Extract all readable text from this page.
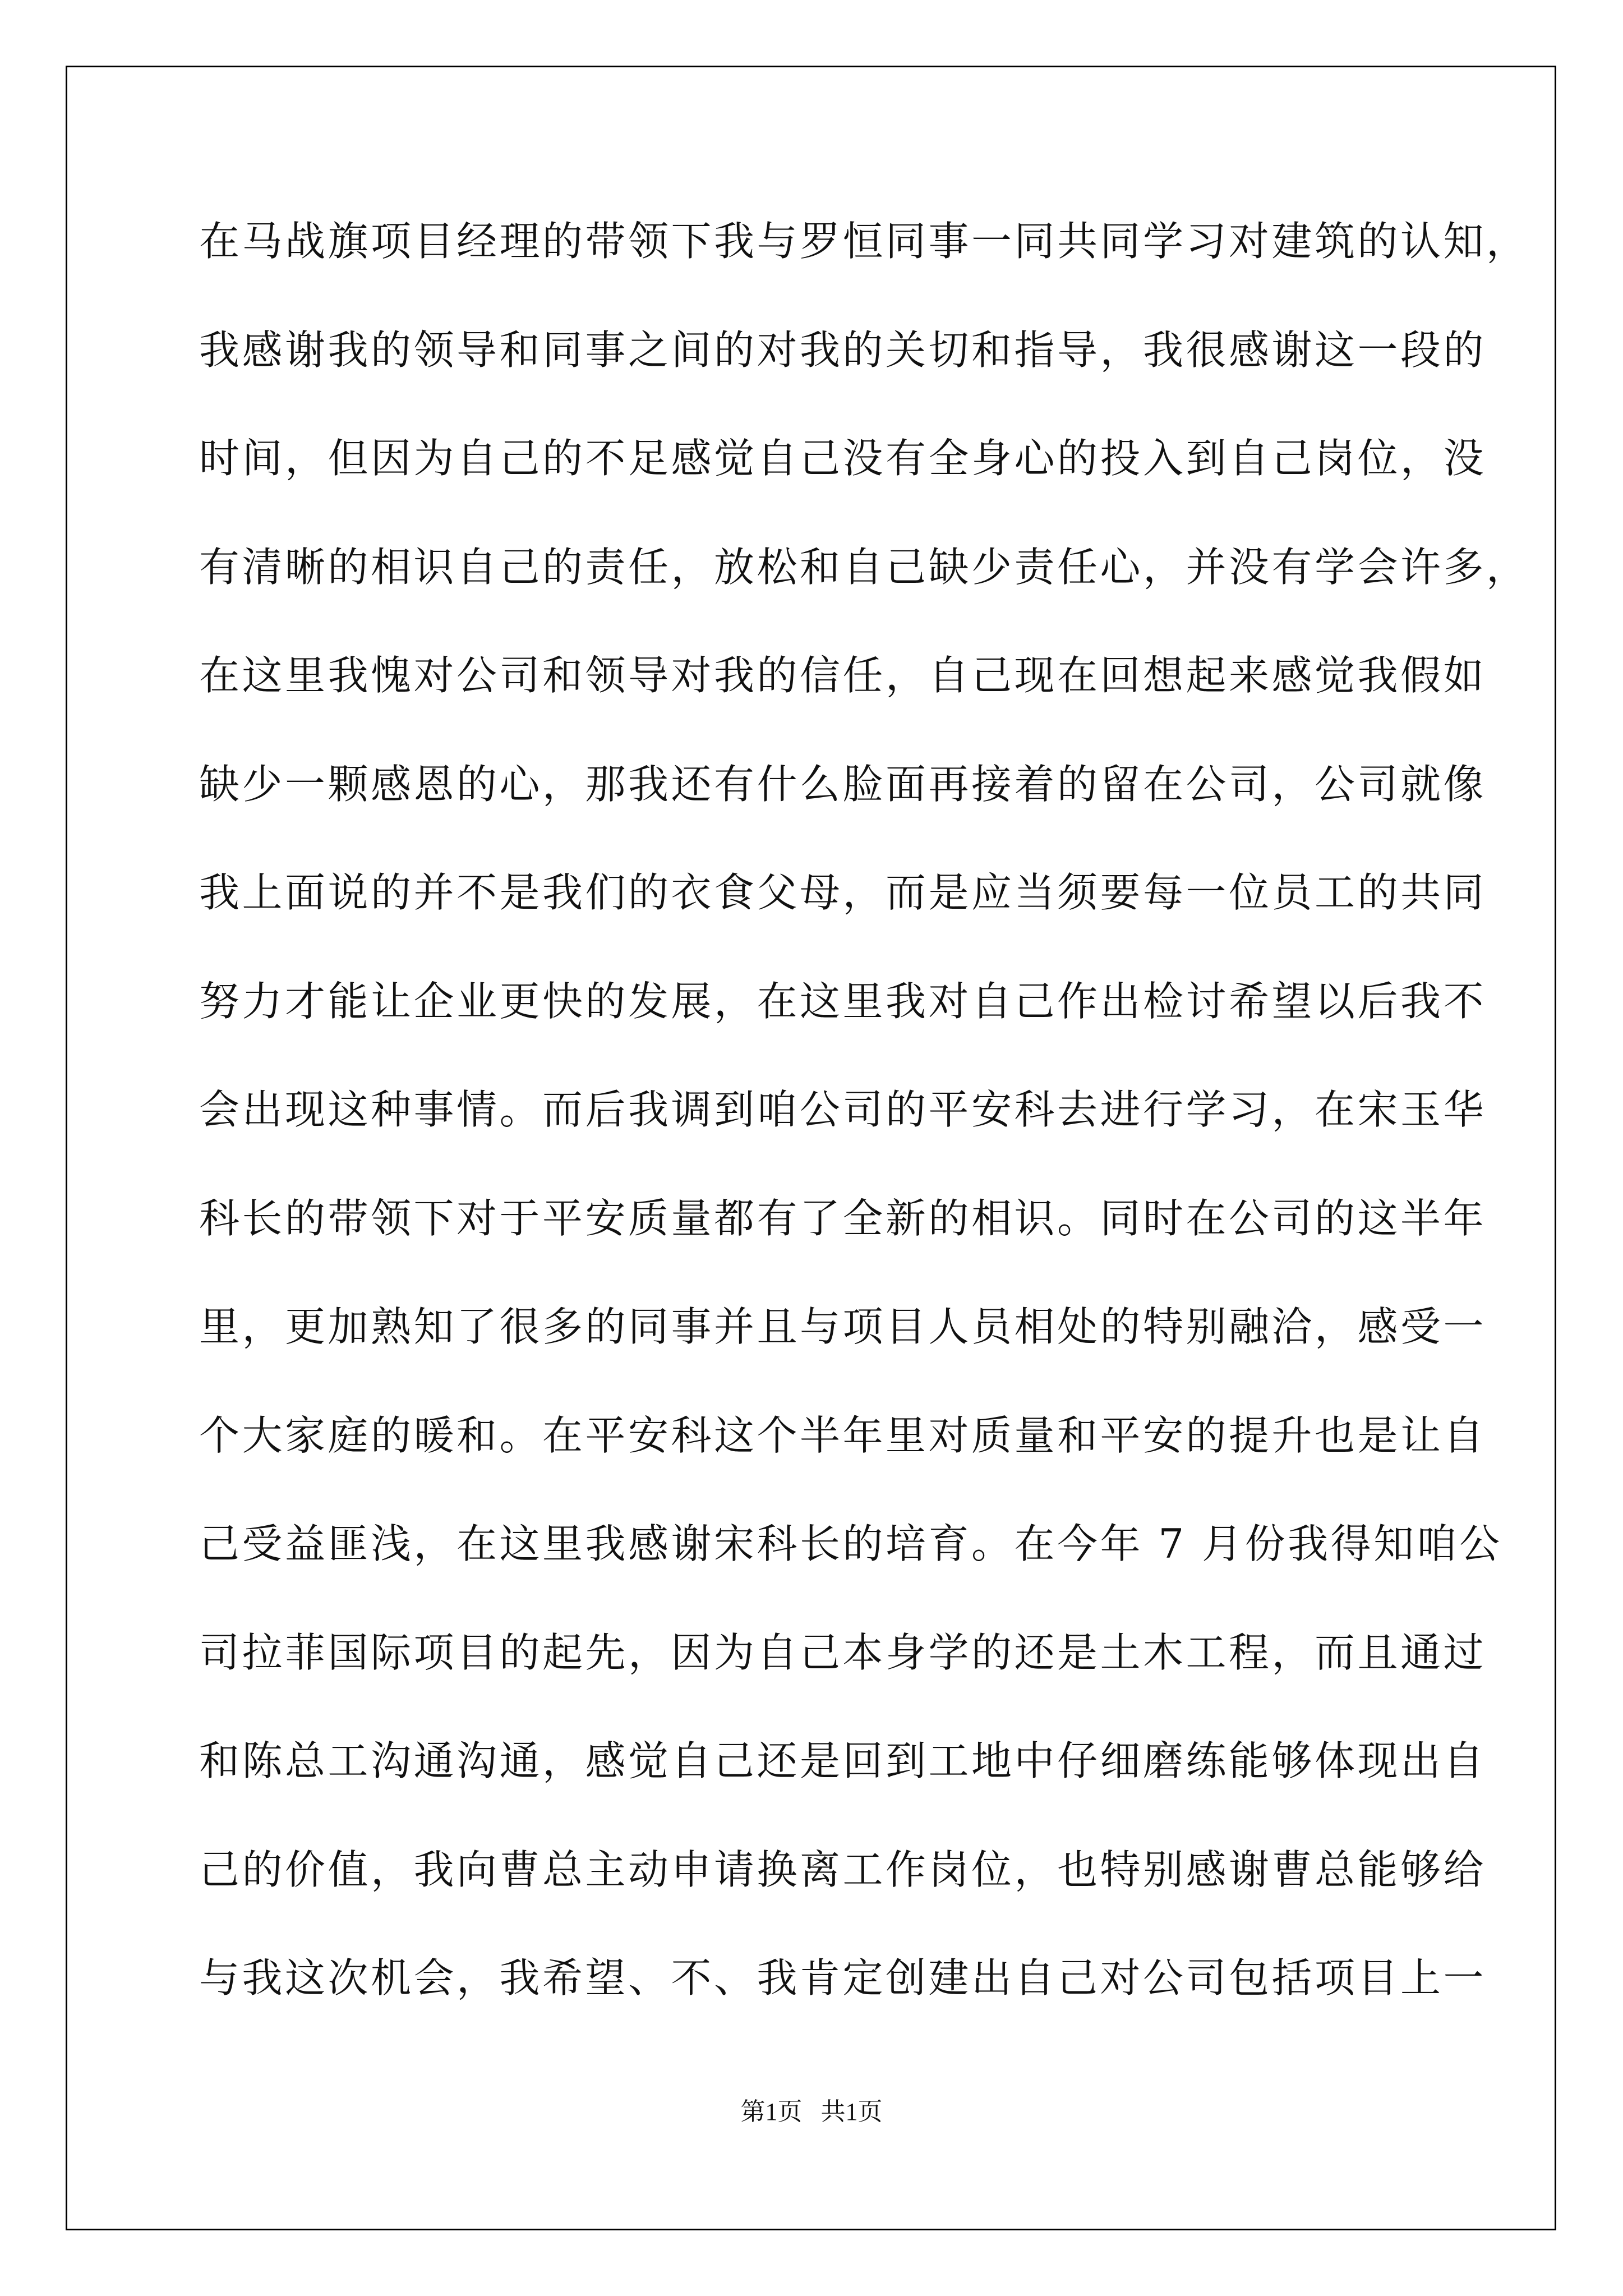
在马战旗项目经理的带领下我与罗恒同事一同共同学习对建筑的认知，
我感谢我的领导和同事之间的对我的关切和指导，我很感谢这一段的
时间，但因为自己的不足感觉自己没有全身心的投入到自己岗位，没
有清晰的相识自己的责任，放松和自己缺少责任心，并没有学会许多，
在这里我愧对公司和领导对我的信任，自己现在回想起来感觉我假如
缺少一颗感恩的心，那我还有什么脸面再接着的留在公司，公司就像
我上面说的并不是我们的衣食父母，而是应当须要每一位员工的共同
努力才能让企业更快的发展，在这里我对自己作出检讨希望以后我不
会出现这种事情。而后我调到咱公司的平安科去进行学习，在宋玉华
科长的带领下对于平安质量都有了全新的相识。同时在公司的这半年
里，更加熟知了很多的同事并且与项目人员相处的特别融洽，感受一
个大家庭的暖和。在平安科这个半年里对质量和平安的提升也是让自
己受益匪浅，在这里我感谢宋科长的培育。在今年 7 月份我得知咱公
司拉菲国际项目的起先，因为自己本身学的还是土木工程，而且通过
和陈总工沟通沟通，感觉自己还是回到工地中仔细磨练能够体现出自
己的价值，我向曹总主动申请换离工作岗位，也特别感谢曹总能够给
与我这次机会，我希望、不、我肯定创建出自己对公司包括项目上一
第1页   共1页
